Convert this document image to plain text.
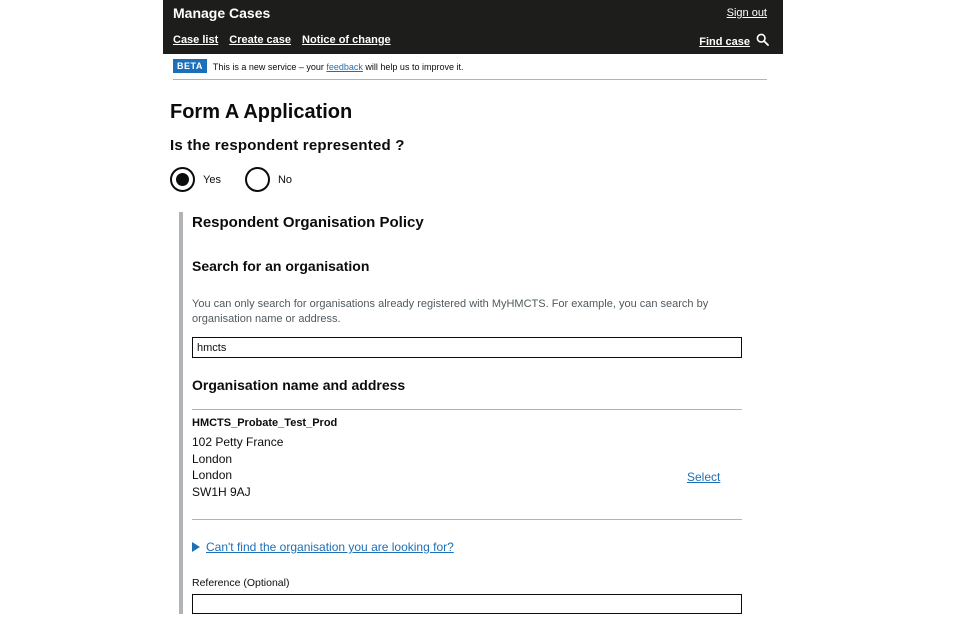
Manage Cases	Sign out
Case list Create case Notice of change	Find case
BETA	This is a new service – your feedback will help us to improve it.
Form A Application
Is the respondent represented ?
Yes	No
Respondent Organisation Policy
Search for an organisation

You can only search for organisations already registered with MyHMCTS. For example, you can search by organisation name or address.

hmcts
Organisation name and address
HMCTS_Probate_Test_Prod
102 Petty France
London
London
SW1H 9AJ
Select
Can't find the organisation you are looking for?
Reference (Optional)
